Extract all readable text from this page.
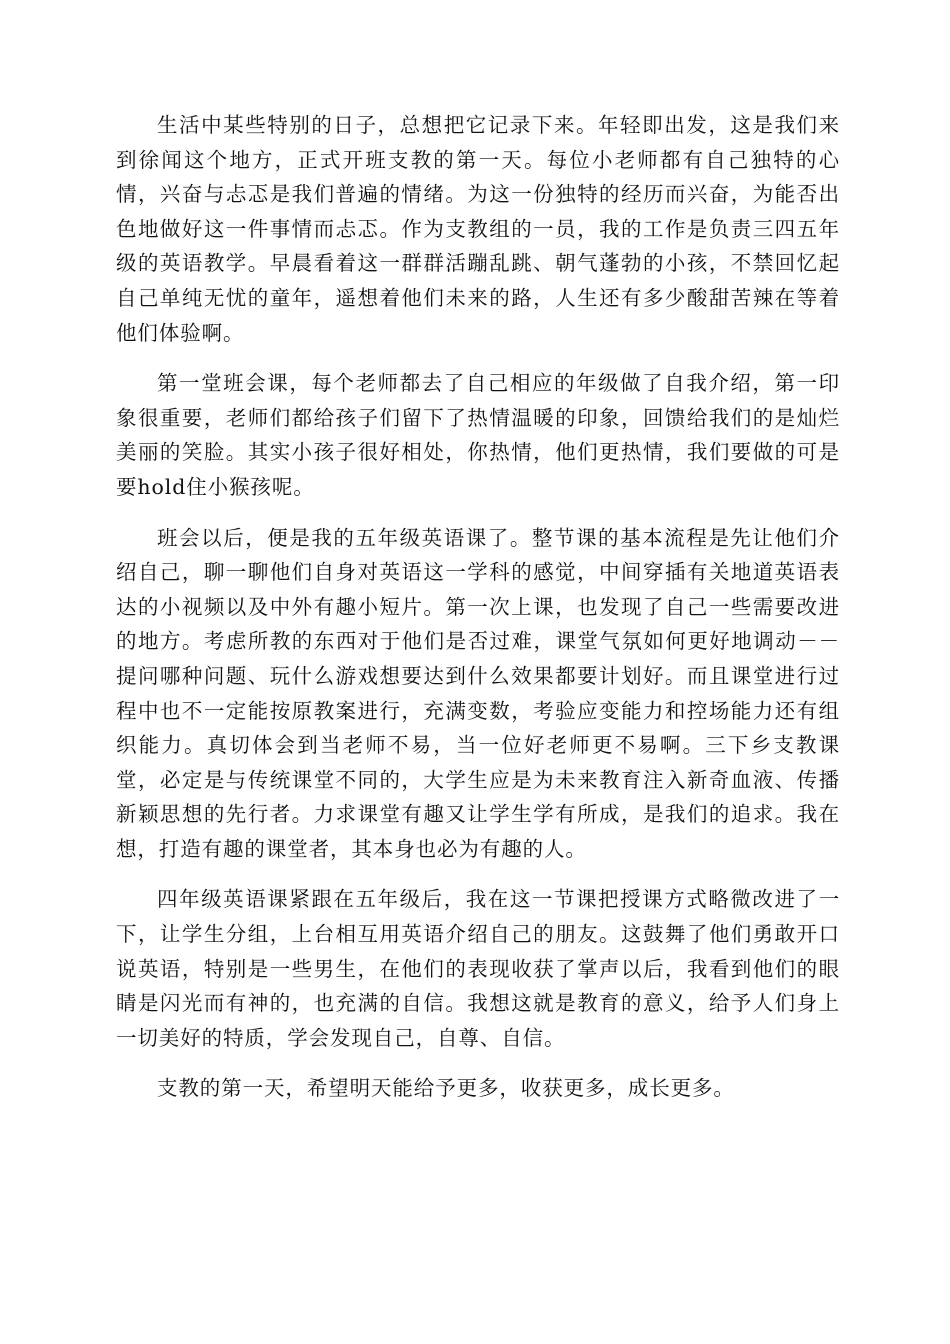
生活中某些特别的日子，总想把它记录下来。年轻即出发，这是我们来到徐闻这个地方，正式开班支教的第一天。每位小老师都有自己独特的心情，兴奋与忐忑是我们普遍的情绪。为这一份独特的经历而兴奋，为能否出色地做好这一件事情而忐忑。作为支教组的一员，我的工作是负责三四五年级的英语教学。早晨看着这一群群活蹦乱跳、朝气蓬勃的小孩，不禁回忆起自己单纯无忧的童年，遥想着他们未来的路，人生还有多少酸甜苦辣在等着他们体验啊。

第一堂班会课，每个老师都去了自己相应的年级做了自我介绍，第一印象很重要，老师们都给孩子们留下了热情温暖的印象，回馈给我们的是灿烂美丽的笑脸。其实小孩子很好相处，你热情，他们更热情，我们要做的可是要hold住小猴孩呢。

班会以后，便是我的五年级英语课了。整节课的基本流程是先让他们介绍自己，聊一聊他们自身对英语这一学科的感觉，中间穿插有关地道英语表达的小视频以及中外有趣小短片。第一次上课，也发现了自己一些需要改进的地方。考虑所教的东西对于他们是否过难，课堂气氛如何更好地调动－－提问哪种问题、玩什么游戏想要达到什么效果都要计划好。而且课堂进行过程中也不一定能按原教案进行，充满变数，考验应变能力和控场能力还有组织能力。真切体会到当老师不易，当一位好老师更不易啊。三下乡支教课堂，必定是与传统课堂不同的，大学生应是为未来教育注入新奇血液、传播新颖思想的先行者。力求课堂有趣又让学生学有所成，是我们的追求。我在想，打造有趣的课堂者，其本身也必为有趣的人。

四年级英语课紧跟在五年级后，我在这一节课把授课方式略微改进了一下，让学生分组，上台相互用英语介绍自己的朋友。这鼓舞了他们勇敢开口说英语，特别是一些男生，在他们的表现收获了掌声以后，我看到他们的眼睛是闪光而有神的，也充满的自信。我想这就是教育的意义，给予人们身上一切美好的特质，学会发现自己，自尊、自信。

支教的第一天，希望明天能给予更多，收获更多，成长更多。
